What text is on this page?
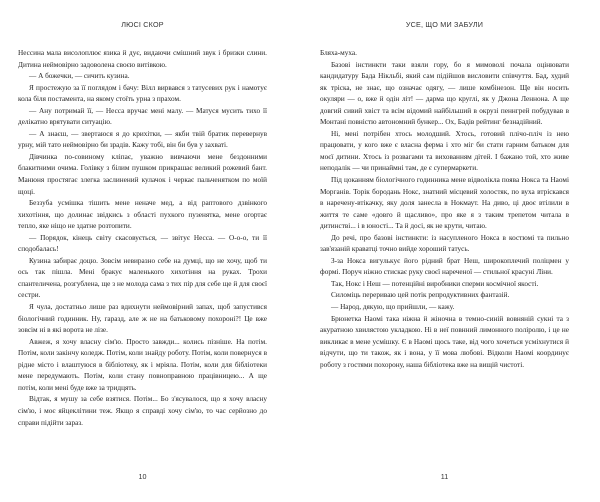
ЛЮСІ СКОР

Нессина мала висолоплює язика й дує, видаючи смішний звук і бризки слини. Дитина неймовірно задоволена своєю витівкою.

— А божечки, — сичить кузина.

Я простежую за її поглядом і бачу: Вілл вирвався з татусевих рук і намотує кола біля постамента, на якому стоїть урна з прахом.

— Ану потримай її, — Несса вручає мені малу. — Матуся мусить тихо її делікатно врятувати ситуацію.

— А знаєш, — звертаюся я до крихітки, — якби твій братик перевернув урну, мій тато неймовірно би зрадів. Кажу тобі, він би був у захваті.

Дівчинка по-совиному кліпає, уважно вивчаючи мене бездонними блакитними очима. Голівку з білим пушком прикрашає великий рожевий бант. Манюня простягає злегка заслинений кулачок і черкає пальченятком по моїй щоці.

Беззуба усмішка тішить мене неначе мед, а від раптового дзвінкого хихотіння, що долинає звідкись з області пухкого пузенятка, мене огортає тепло, яке ніщо не здатне розтопити.

— Порядок, кінець світу скасовується, — звітує Несса. — О-о-о, ти її сподобалась!

Кузина забирає доцю. Зовсім невиразно себе на думці, що не хочу, щоб ти ось так пішла. Мені бракує маленького хихотіння на руках. Трохи спантеличена, розгублена, ще з не молода сама з тих пір для себе ще й для своєї сестри.

Я чула, достатньо лише раз вдихнути неймовірний запах, щоб запустився біологічний годинник. Ну, гаразд, але ж не на батьковому похороні?! Це вже зовсім ні в які ворота не лізе.

Авжеж, я хочу власну сім'ю. Просто завжди... колись пізніше. На потім. Потім, коли закінчу коледж. Потім, коли знайду роботу. Потім, коли повернуся в рідне місто і влаштуюся в бібліотеку, як і мріяла. Потім, коли для бібліотеки мене передумають. Потім, коли стану повноправною працівницею... А ще потім, коли мені буде вже за тридцять.

Відтак, я мушу за себе взятися. Потім... Бо з'ясувалося, що я хочу власну сім'ю, і моє яйцеклітини теж. Якщо я справді хочу сім'ю, то час серйозно до справи підійти зараз.

10
УСЕ, ЩО МИ ЗАБУЛИ

Бляха-муха.

Базові інстинкти таки взяли гору, бо я мимоволі почала оцінювати кандидатуру Бада Нікльбі, який сам підійшов висловити співчуття. Бад, худий як тріска, не знає, що означає одягу, — лише комбінезон. Ще він носить окуляри — о, вже й одін літ! — дарма що круглі, як у Джона Леннона. А ще довгий сивий хвіст та всім відомий найбільший в окрузі пеннгрей побудував в Монтані повністю автономний бункер... Ох, Бадів рейтинг безнадійний.

Ні, мені потрібен хтось молодший. Хтось, готовий плічо-пліч із нею працювати, у кого вже є власна ферма і хто міг би стати гарним батьком для моєї дитини. Хтось із розвагами та вихованням дітей. І бажано той, хто живе неподалік — чи принаймні там, де є супермаркети.

Під цоканням біологічного годинника мене відволікла поява Нокса та Наомі Морганів. Торік бородань Нокс, знатний місцевий холостяк, по вуха втріскався в наречену-втікачку, яку доля занесла в Нокмаут. На диво, ці двоє втілили в життя те саме «довго й щасливо», про яке я з таким трепетом читала в дитинстві... і в юності... Та й досі, як не крути, читаю.

До речі, про базові інстинкти: із насупленого Нокса в костюмі та пильно зав'язаній краватці точно вийде хороший татусь.

З-за Нокса вигулькує його рідний брат Неш, широкоплечий поліцмен у формі. Поруч ніжно стискає руку своєї нареченої — стильної красуні Ліни.

Так, Нокс і Неш — потенційні виробники сперми космічної якості.

Силоміць перериваю цей потік репродуктивних фантазій.

— Народ, дякую, що прийшли, — кажу.

Брюнетка Наомі така ніжна й жіночна в темно-синій вовняній сукні та з акуратною хвилястою укладкою. Ні в неї повнний лимонного поліролю, і це не викликає в мене усмішку. Є в Наомі щось таке, від чого хочеться усміхнутися й відчути, що ти також, як і вона, у її мова любові. Відколи Наомі координує роботу з гостями похорону, наша бібліотека вже на вищій чистоті.

11
